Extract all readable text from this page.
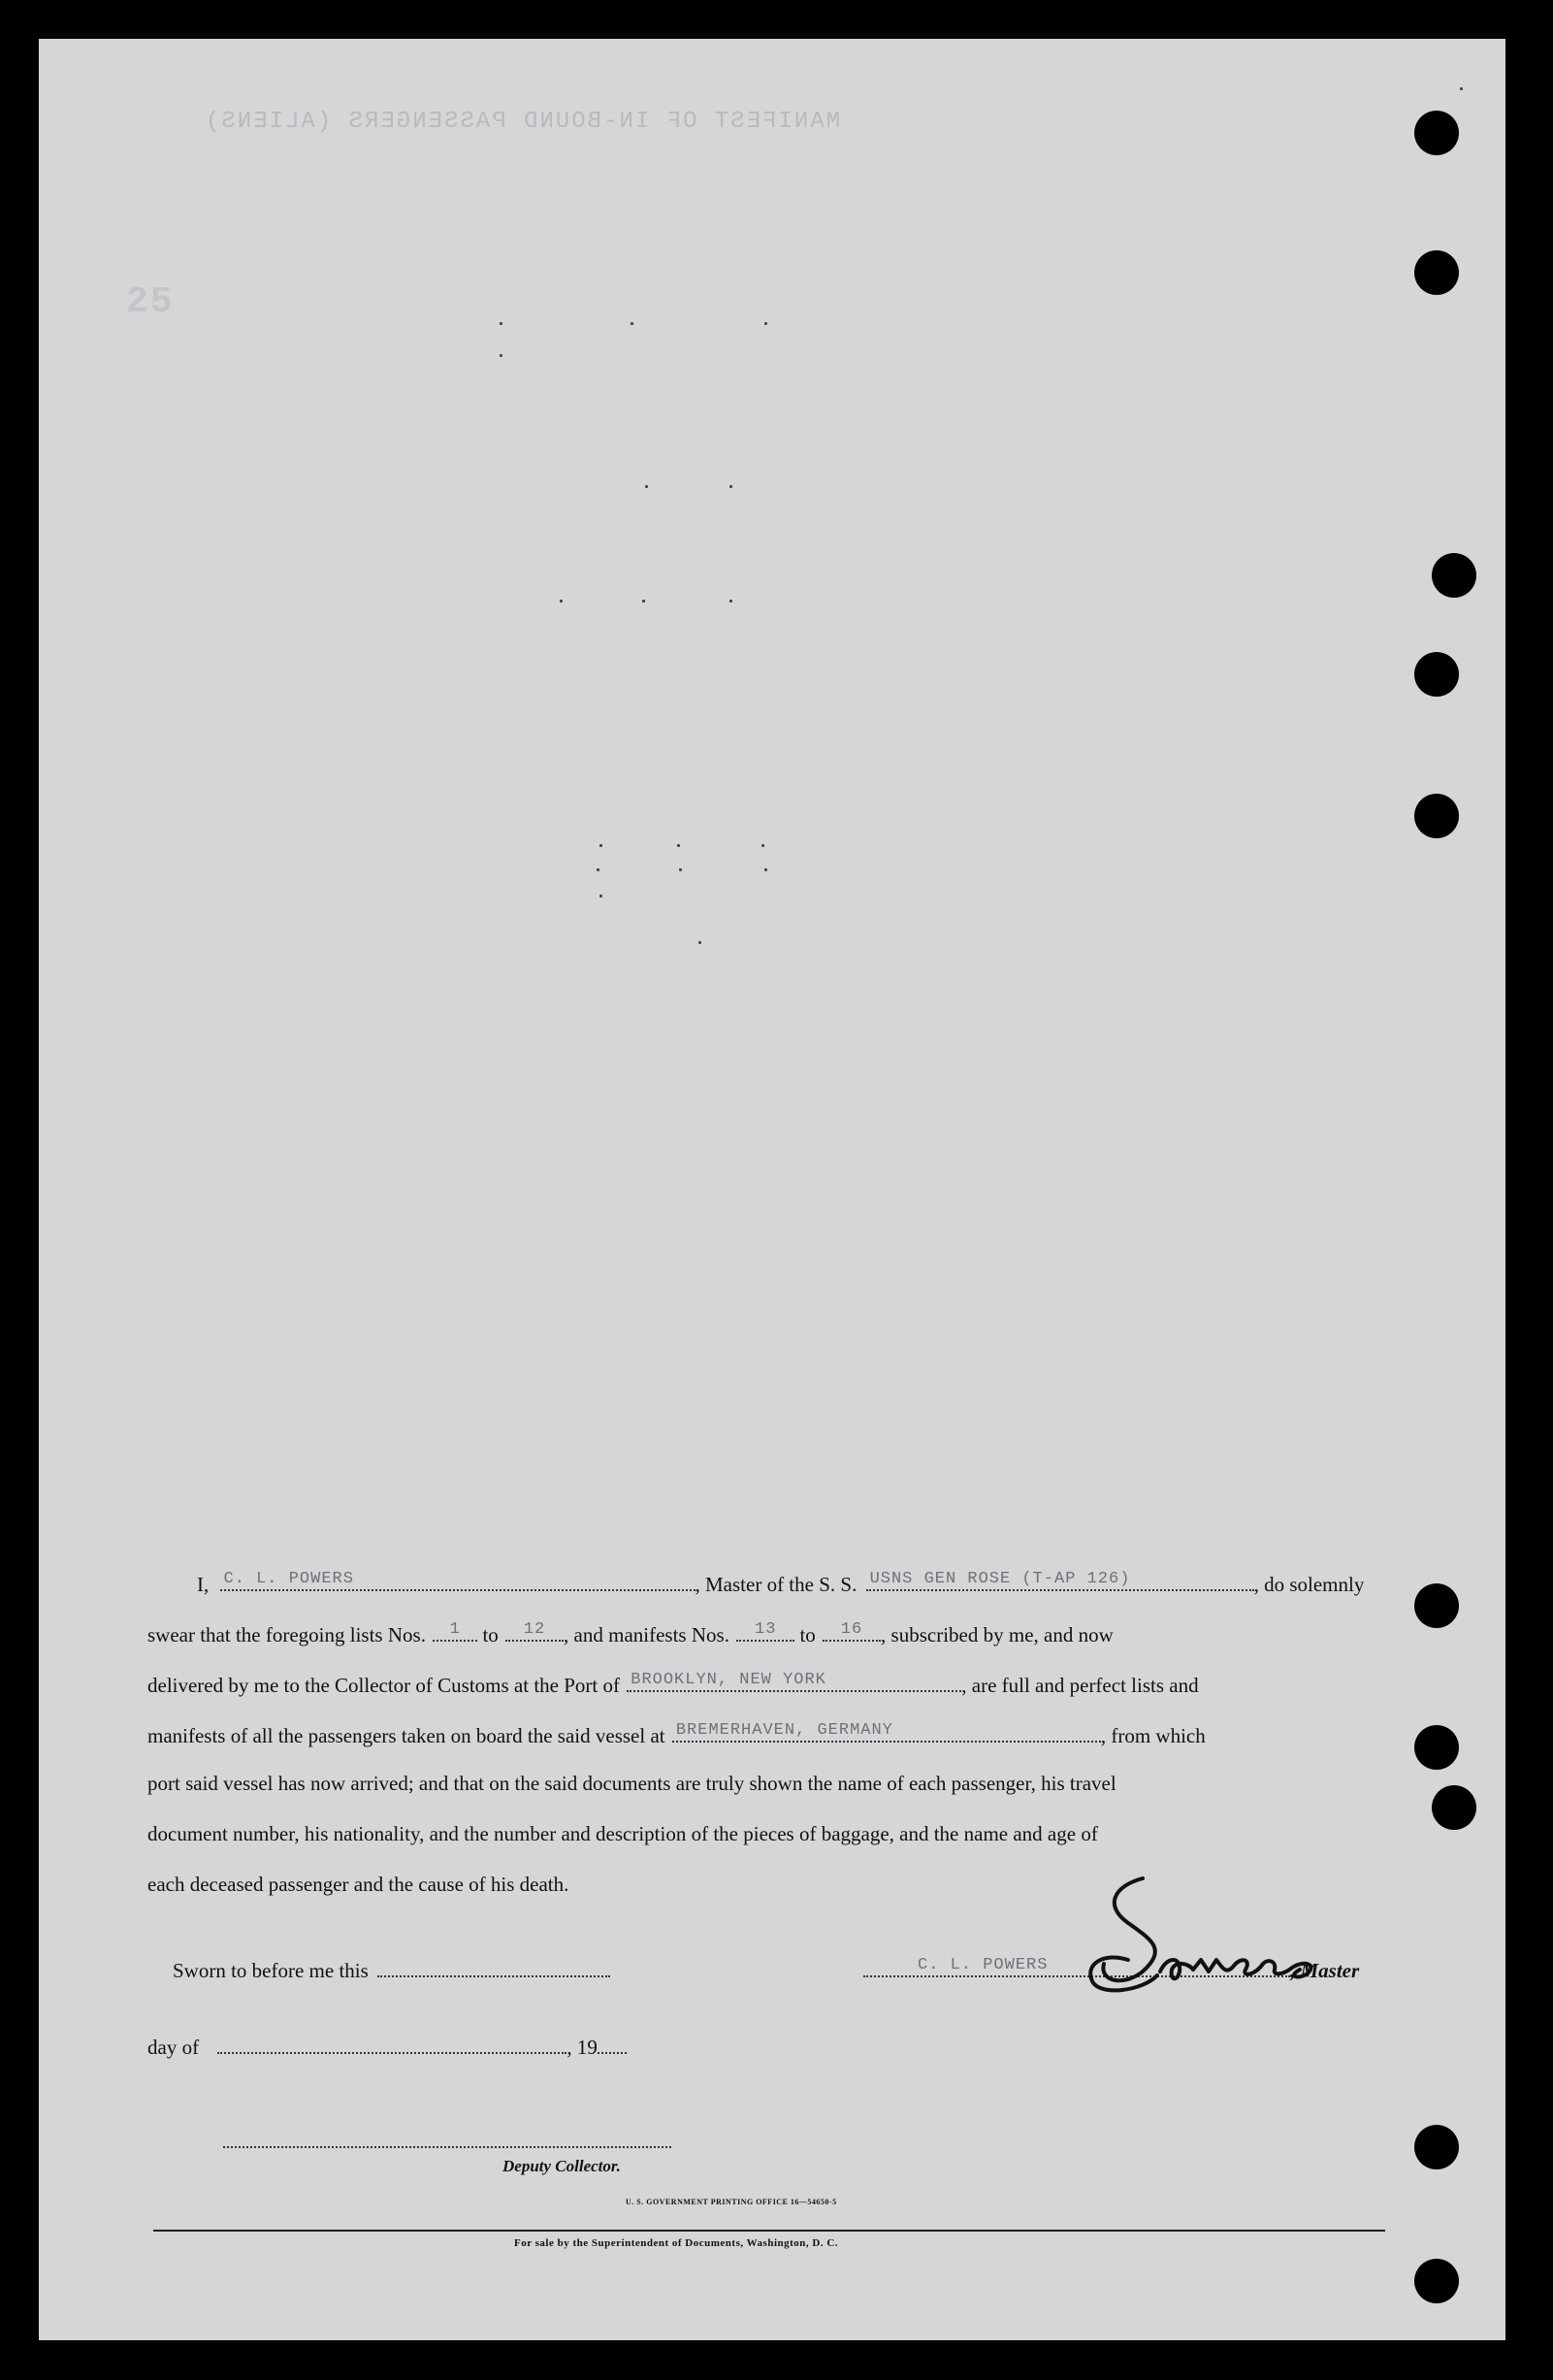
MANIFEST OF IN-BOUND PASSENGERS (ALIENS)
25
I, C. L. POWERS	, Master of the S. S. USNS GEN ROSE (T-AP 126)	, do solemnly
swear that the foregoing lists Nos.	1	to	12 , and manifests Nos.	13	to	16 , subscribed by me, and now
delivered by me to the Collector of Customs at the Port of BROOKLYN, NEW YORK	, are full and perfect lists and
manifests of all the passengers taken on board the said vessel at BREMERHAVEN, GERMANY	, from which
port said vessel has now arrived; and that on the said documents are truly shown the name of each passenger, his travel
document number, his nationality, and the number and description of the pieces of baggage, and the name and age of
each deceased passenger and the cause of his death.
Sworn to before me this	C. L. POWERS	, Master
day of	, 19
Deputy Collector.
U. S. GOVERNMENT PRINTING OFFICE 16—54650-5
For sale by the Superintendent of Documents, Washington, D. C.
